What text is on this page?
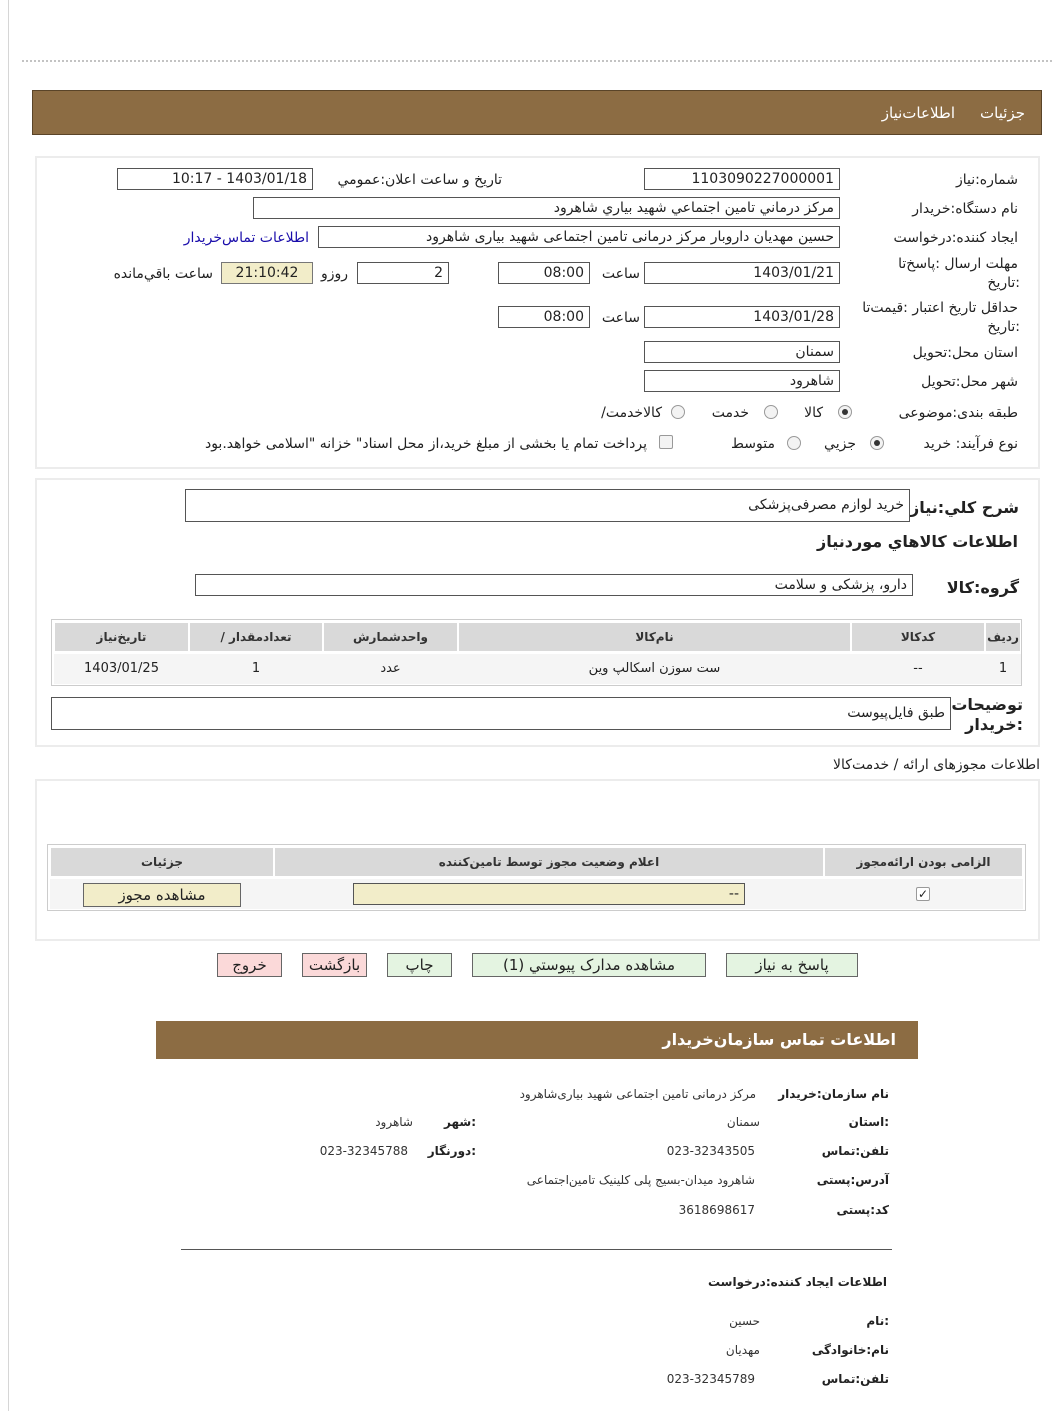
جزئیات
اطلاعات‌نیاز
شماره:نیاز
1103090227000001
تاریخ و ساعت اعلان:عمومي
1403/01/18 - 10:17
نام دستگاه:خریدار
مرکز درماني تامين اجتماعي شهيد بياري شاهرود
ایجاد کننده:درخواست
حسین مهدیان داروبار مرکز درمانی تامین اجتماعی شهید بیاری شاهرود
اطلاعات تماس‌خریدار
مهلت ارسال :پاسخ‌تا
:تاریخ
1403/01/21
ساعت
08:00
2
روزو
21:10:42
ساعت باقي‌مانده
حداقل تاریخ اعتبار :قیمت‌تا
:تاریخ
1403/01/28
ساعت
08:00
استان محل:تحویل
سمنان
شهر محل:تحویل
شاهرود
طبقه بندی:موضوعی
کالا
خدمت
کالاخدمت/
نوع فرآیند: خرید
جزيي
متوسط
پرداخت تمام یا بخشی از مبلغ خرید،از محل اسناد" خزانه "اسلامی خواهد.بود
شرح کلي:نیاز
خرید لوازم مصرفی‌پزشکی
اطلاعات کالاهاي موردنیاز
گروه:کالا
دارو، پزشکی و سلامت
ردیف
کدکالا
نام‌کالا
واحدشمارش
/ تعدادمقدار
تاریخ‌نیاز
1
--
ست سوزن اسکالپ وین
عدد
1
1403/01/25
توضیحات
:خریدار
طبق فایل‌پیوست
اطلاعات مجوزهای ارائه / خدمت‌کالا
الزامی بودن ارائه‌مجوز
اعلام وضعیت مجوز توسط تامین‌کننده
جزئیات
✓
--
مشاهده مجوز
پاسخ به نیاز
مشاهده مدارک پیوستي (1)
چاپ
بازگشت
خروج
اطلاعات تماس سازمان‌خریدار
نام سازمان:خریدار
مرکز درمانی تامین اجتماعی شهید بیاری‌شاهرود
:استان
سمنان
:شهر
شاهرود
تلفن:تماس
023-32343505
:دورنگار
023-32345788
آدرس:پستی
شاهرود میدان-بسیج پلی کلینیک تامین‌اجتماعی
کد:پستی
3618698617
اطلاعات ایجاد کننده:درخواست
:نام
حسین
نام:خانوادگی
مهدیان
تلفن:تماس
023-32345789
